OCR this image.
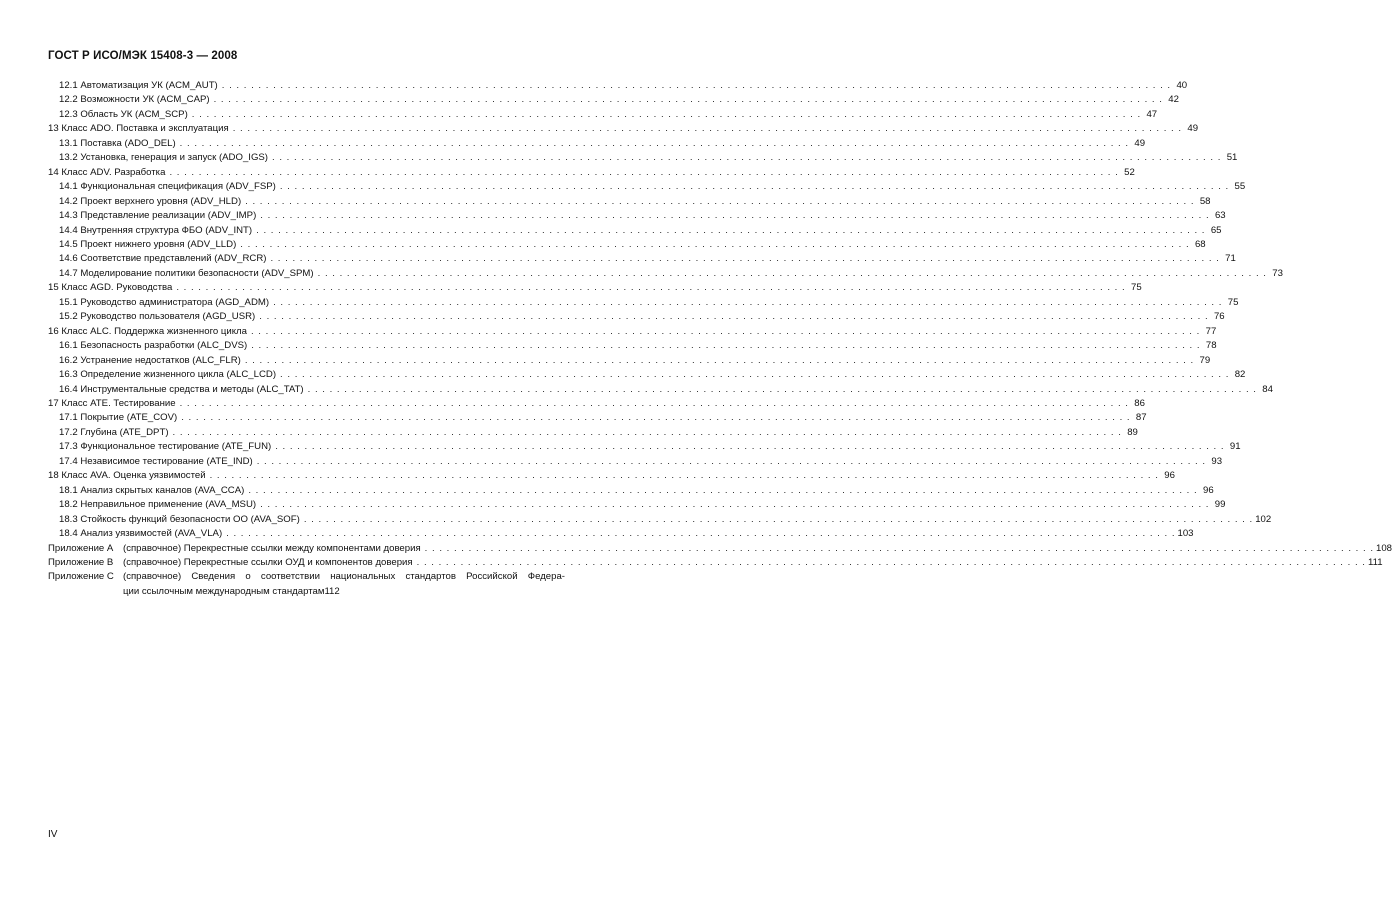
ГОСТ Р ИСО/МЭК 15408-3 — 2008
12.1 Автоматизация УК (ACM_AUT) . . .	40
12.2 Возможности УК (ACM_CAP) . . .	42
12.3 Область УК (ACM_SCP) . . .	47
13 Класс ADO. Поставка и эксплуатация . . .	49
13.1 Поставка (ADO_DEL) . . .	49
13.2 Установка, генерация и запуск (ADO_IGS) . . .	51
14 Класс ADV. Разработка . . .	52
14.1 Функциональная спецификация (ADV_FSP) . . .	55
14.2 Проект верхнего уровня (ADV_HLD) . . .	58
14.3 Представление реализации (ADV_IMP) . . .	63
14.4 Внутренняя структура ФБО (ADV_INT) . . .	65
14.5 Проект нижнего уровня (ADV_LLD) . . .	68
14.6 Соответствие представлений (ADV_RCR) . . .	71
14.7 Моделирование политики безопасности (ADV_SPM) . . .	73
15 Класс AGD. Руководства . . .	75
15.1 Руководство администратора (AGD_ADM) . . .	75
15.2 Руководство пользователя (AGD_USR) . . .	76
16 Класс ALC. Поддержка жизненного цикла . . .	77
16.1 Безопасность разработки (ALC_DVS) . . .	78
16.2 Устранение недостатков (ALC_FLR) . . .	79
16.3 Определение жизненного цикла (ALC_LCD) . . .	82
16.4 Инструментальные средства и методы (ALC_TAT) . . .	84
17 Класс ATE. Тестирование . . .	86
17.1 Покрытие (ATE_COV) . . .	87
17.2 Глубина (ATE_DPT) . . .	89
17.3 Функциональное тестирование (ATE_FUN) . . .	91
17.4 Независимое тестирование (ATE_IND) . . .	93
18 Класс AVA. Оценка уязвимостей . . .	96
18.1 Анализ скрытых каналов (AVA_CCA) . . .	96
18.2 Неправильное применение (AVA_MSU) . . .	99
18.3 Стойкость функций безопасности ОО (AVA_SOF) . . .	102
18.4 Анализ уязвимостей (AVA_VLA) . . .	103
Приложение А	(справочное) Перекрестные ссылки между компонентами доверия . . .	108
Приложение В	(справочное) Перекрестные ссылки ОУД и компонентов доверия . . .	111
Приложение С (справочное) Сведения о соответствии национальных стандартов Российской Федера-
ции ссылочным международным стандартам 112
IV
